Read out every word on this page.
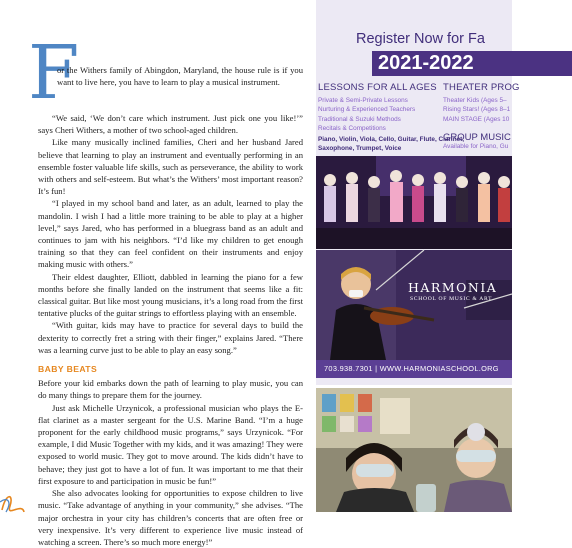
F

or the Withers family of Abingdon, Maryland, the house rule is if you want to live here, you have to learn to play a musical instrument.

“We said, ‘We don’t care which instrument. Just pick one you like!’” says Cheri Withers, a mother of two school-aged children.

Like many musically inclined families, Cheri and her husband Jared believe that learning to play an instrument and eventually performing in an ensemble foster valuable life skills, such as perseverance, the ability to work with others and self-esteem. But what’s the Withers’ most important reason? It’s fun!

“I played in my school band and later, as an adult, learned to play the mandolin. I wish I had a little more training to be able to play at a higher level,” says Jared, who has performed in a bluegrass band as an adult and continues to jam with his neighbors. “I’d like my children to get enough training so that they can feel confident on their instruments and enjoy making music with others.”

Their eldest daughter, Elliott, dabbled in learning the piano for a few months before she finally landed on the instrument that seems like a fit: classical guitar. But like most young musicians, it’s a long road from the first tentative plucks of the guitar strings to effortless playing with an ensemble.

“With guitar, kids may have to practice for several days to build the dexterity to correctly fret a string with their finger,” explains Jared. “There was a learning curve just to be able to play an easy song.”

BABY BEATS

Before your kid embarks down the path of learning to play music, you can do many things to prepare them for the journey.

Just ask Michelle Urzynicok, a professional musician who plays the E-flat clarinet as a master sergeant for the U.S. Marine Band. “I’m a huge proponent for the early childhood music programs,” says Urzynicok. “For example, I did Music Together with my kids, and it was amazing! They were exposed to world music. They got to move around. The kids didn’t have to behave; they just got to have a lot of fun. It was important to me that their first exposure to and participation in music be fun!”

She also advocates looking for opportunities to expose children to live music. “Take advantage of anything in your community,” she advises. “The major orchestra in your city has children’s concerts that are often free or very inexpensive. It’s very different to experience live music instead of watching a screen. There’s so much more energy!”

Register Now for Fa
2021-2022
LESSONS FOR ALL AGES
Private & Semi-Private Lessons
Nurturing & Experienced Teachers
Traditional & Suzuki Methods
Recitals & Competitions
Piano, Violin, Viola, Cello, Guitar, Flute, Clarinet, Saxophone, Trumpet, Voice
THEATER PROG
Theater Kids (Ages 5–
Rising Stars! (Ages 8–1
MAIN STAGE (Ages 10
GROUP MUSIC
Available for Piano, Gu
HARMONIA
SCHOOL OF MUSIC & ART
703.938.7301 | WWW.HARMONIASCHOOL.ORG
